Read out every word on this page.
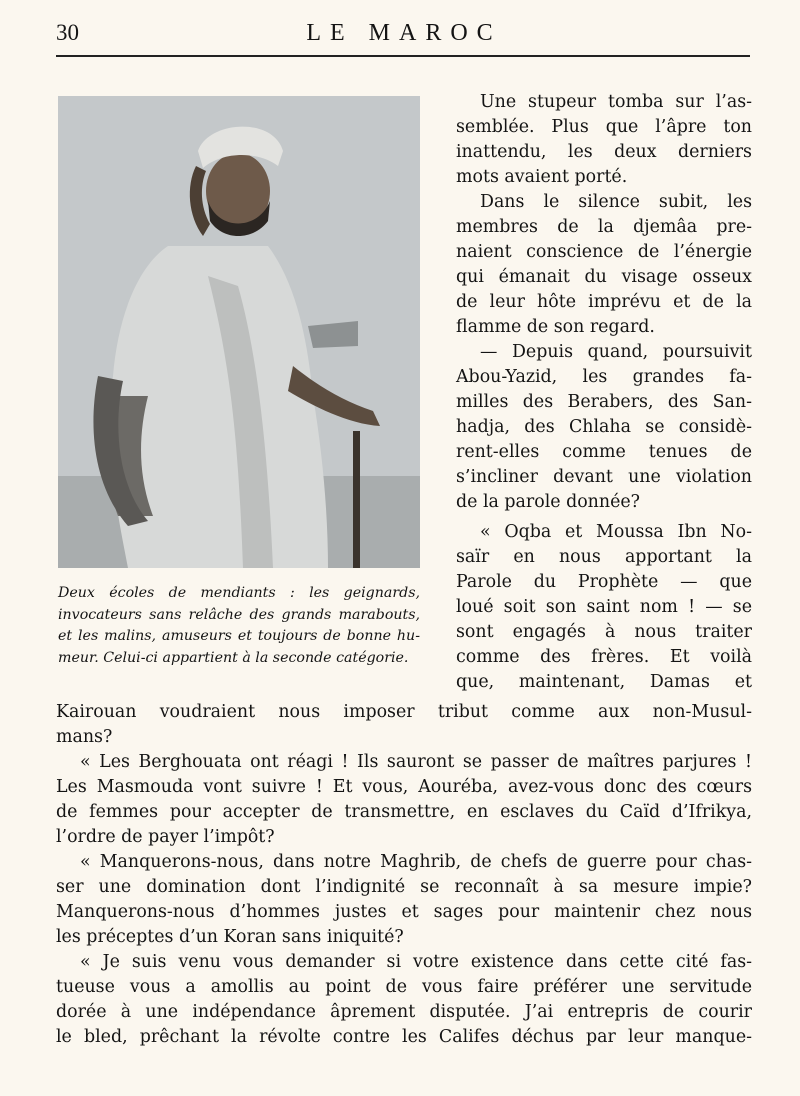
30	LE MAROC
Deux écoles de mendiants : les geignards,
invocateurs sans relâche des grands marabouts,
et les malins, amuseurs et toujours de bonne hu-
meur. Celui-ci appartient à la seconde catégorie.

Une stupeur tomba sur l’as-
semblée. Plus que l’âpre ton
inattendu, les deux derniers
mots avaient porté.

Dans le silence subit, les
membres de la djemâa pre-
naient conscience de l’énergie
qui émanait du visage osseux
de leur hôte imprévu et de la
flamme de son regard.

— Depuis quand, poursuivit
Abou-Yazid, les grandes fa-
milles des Berabers, des San-
hadja, des Chlaha se considè-
rent-elles comme tenues de
s’incliner devant une violation
de la parole donnée?

« Oqba et Moussa Ibn No-
saïr en nous apportant la
Parole du Prophète — que
loué soit son saint nom ! — se
sont engagés à nous traiter
comme des frères. Et voilà
que, maintenant, Damas et

Kairouan voudraient nous imposer tribut comme aux non-Musul-
mans?

« Les Berghouata ont réagi ! Ils sauront se passer de maîtres parjures !
Les Masmouda vont suivre ! Et vous, Aouréba, avez-vous donc des cœurs
de femmes pour accepter de transmettre, en esclaves du Caïd d’Ifrikya,
l’ordre de payer l’impôt?

« Manquerons-nous, dans notre Maghrib, de chefs de guerre pour chas-
ser une domination dont l’indignité se reconnaît à sa mesure impie?
Manquerons-nous d’hommes justes et sages pour maintenir chez nous
les préceptes d’un Koran sans iniquité?

« Je suis venu vous demander si votre existence dans cette cité fas-
tueuse vous a amollis au point de vous faire préférer une servitude
dorée à une indépendance âprement disputée. J’ai entrepris de courir
le bled, prêchant la révolte contre les Califes déchus par leur manque-
